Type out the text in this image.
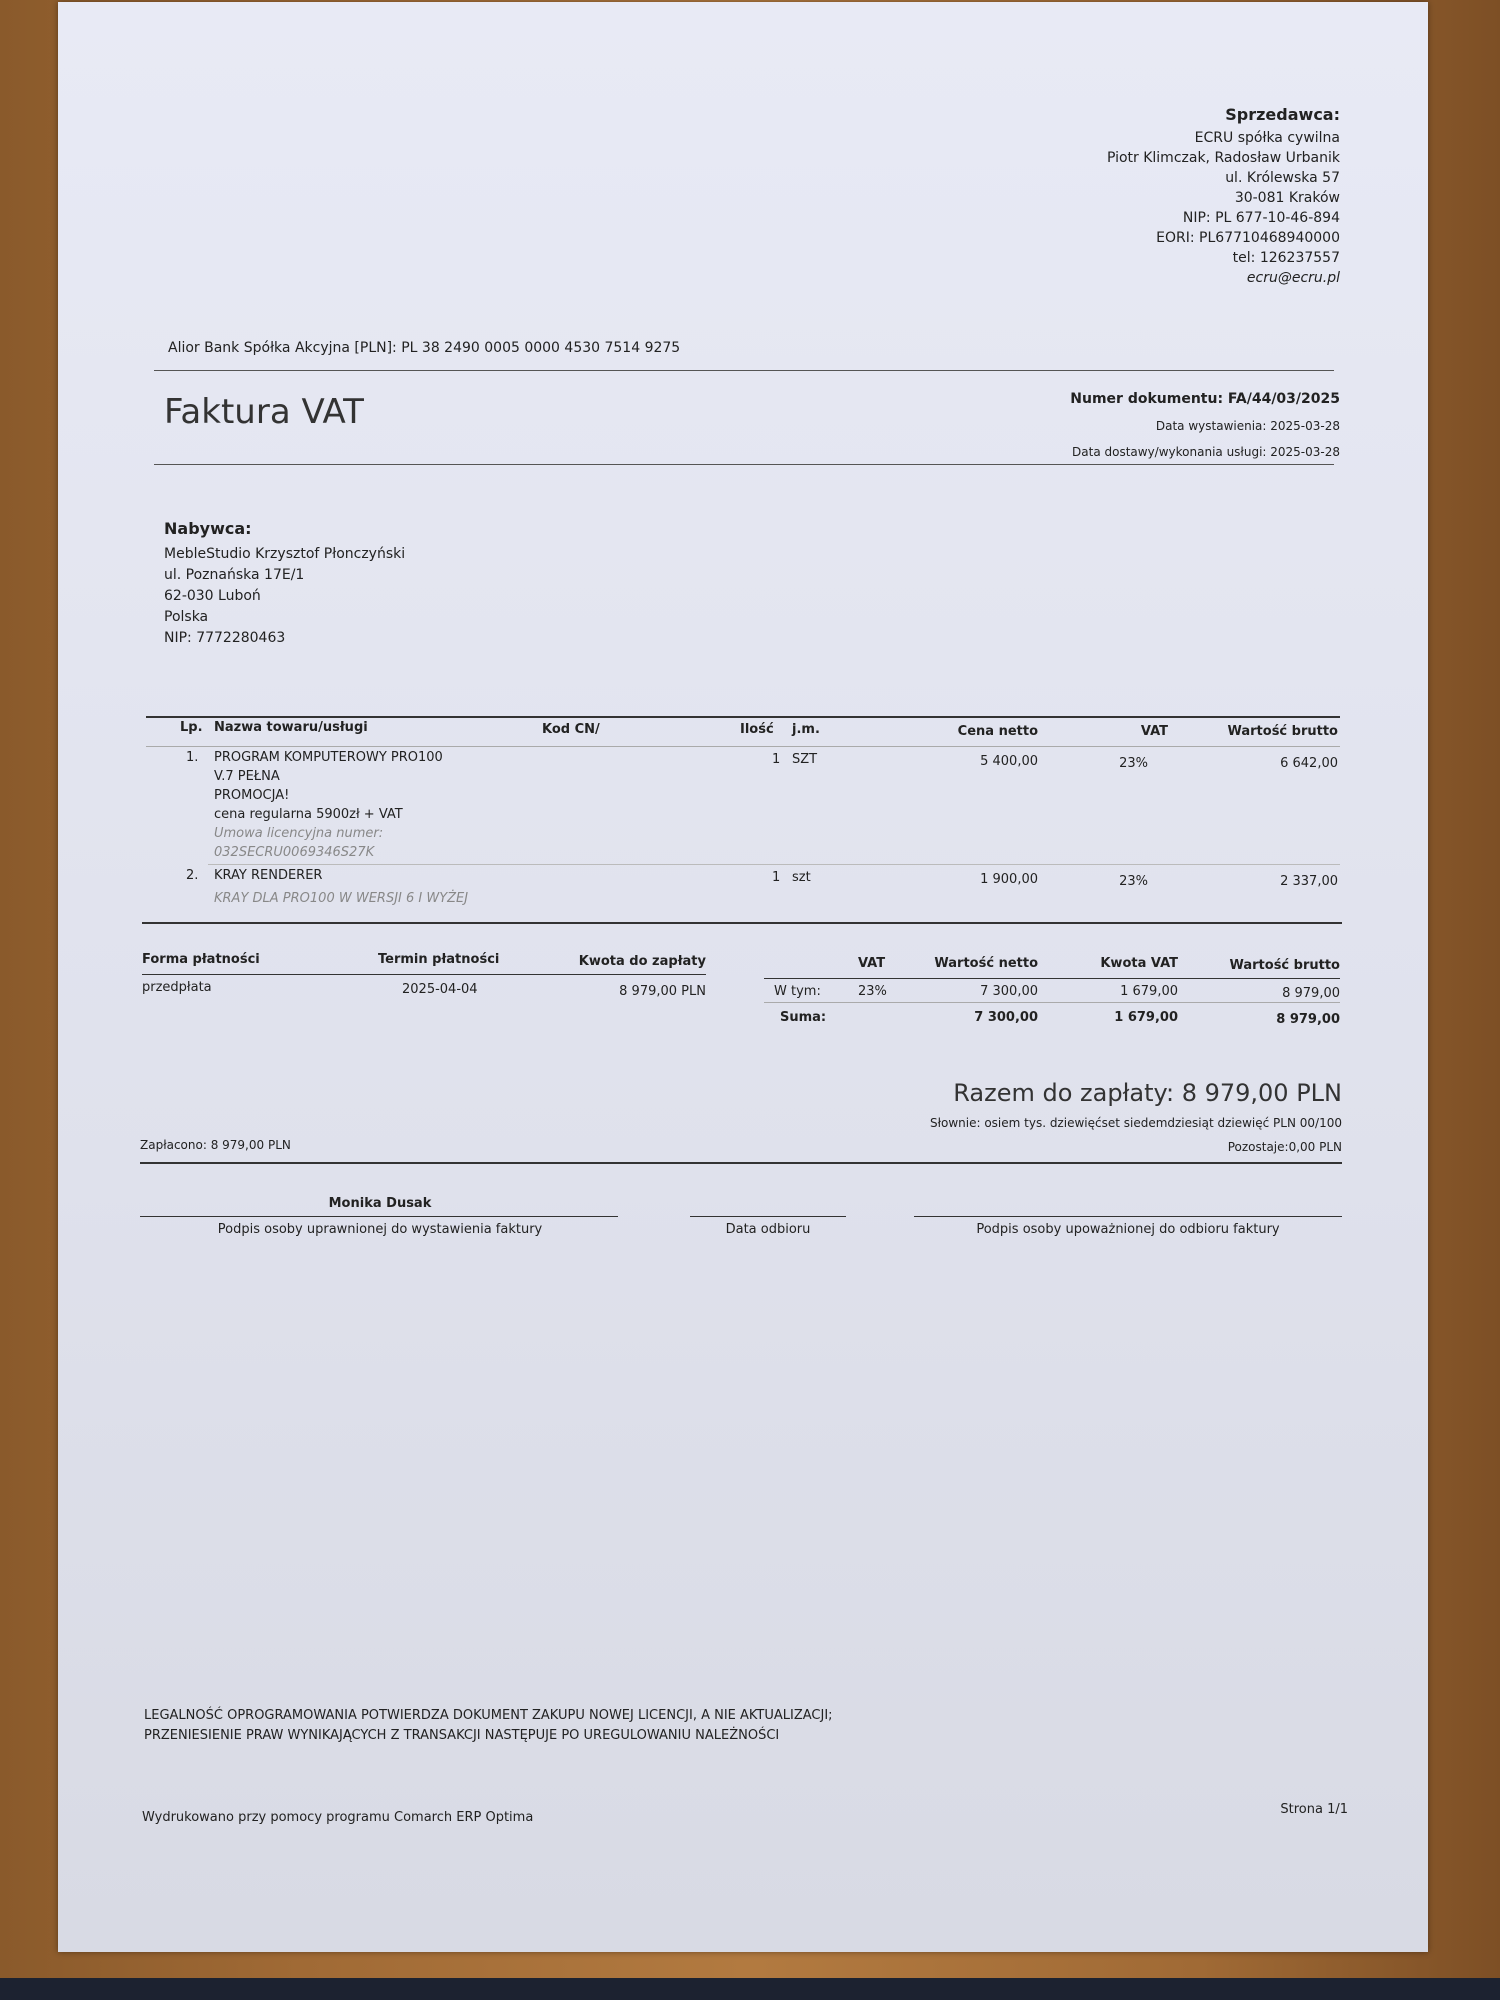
Sprzedawca:
ECRU spółka cywilna
Piotr Klimczak, Radosław Urbanik
ul. Królewska 57
30-081 Kraków
NIP: PL 677-10-46-894
EORI: PL67710468940000
tel: 126237557
ecru@ecru.pl
Alior Bank Spółka Akcyjna [PLN]: PL 38 2490 0005 0000 4530 7514 9275
Faktura VAT	Numer dokumentu: FA/44/03/2025
Data wystawienia: 2025-03-28
Data dostawy/wykonania usługi: 2025-03-28
Nabywca:
MebleStudio Krzysztof Płonczyński
ul. Poznańska 17E/1
62-030 Luboń
Polska
NIP: 7772280463
Lp. Nazwa towaru/usługi	Kod CN/	Ilość j.m.	Cena netto	VAT	Wartość brutto
1. PROGRAM KOMPUTEROWY PRO100
V.7 PEŁNA
PROMOCJA!
cena regularna 5900zł + VAT
Umowa licencyjna numer:
032SECRU0069346S27K
1 SZT	5 400,00	23%	6 642,00
2. KRAY RENDERER
KRAY DLA PRO100 W WERSJI 6 I WYŻEJ
1 szt	1 900,00	23%	2 337,00
Forma płatności	Termin płatności	Kwota do zapłaty
przedpłata	2025-04-04	8 979,00 PLN
VAT	Wartość netto	Kwota VAT	Wartość brutto
W tym:	23%	7 300,00	1 679,00	8 979,00
Suma:	7 300,00	1 679,00	8 979,00
Razem do zapłaty: 8 979,00 PLN
Słownie: osiem tys. dziewięćset siedemdziesiąt dziewięć PLN 00/100
Zapłacono: 8 979,00 PLN	Pozostaje:0,00 PLN
Monika Dusak
Podpis osoby uprawnionej do wystawienia faktury	Data odbioru	Podpis osoby upoważnionej do odbioru faktury
LEGALNOŚĆ OPROGRAMOWANIA POTWIERDZA DOKUMENT ZAKUPU NOWEJ LICENCJI, A NIE AKTUALIZACJI;
PRZENIESIENIE PRAW WYNIKAJĄCYCH Z TRANSAKCJI NASTĘPUJE PO UREGULOWANIU NALEŻNOŚCI
Wydrukowano przy pomocy programu Comarch ERP Optima
Strona 1/1
